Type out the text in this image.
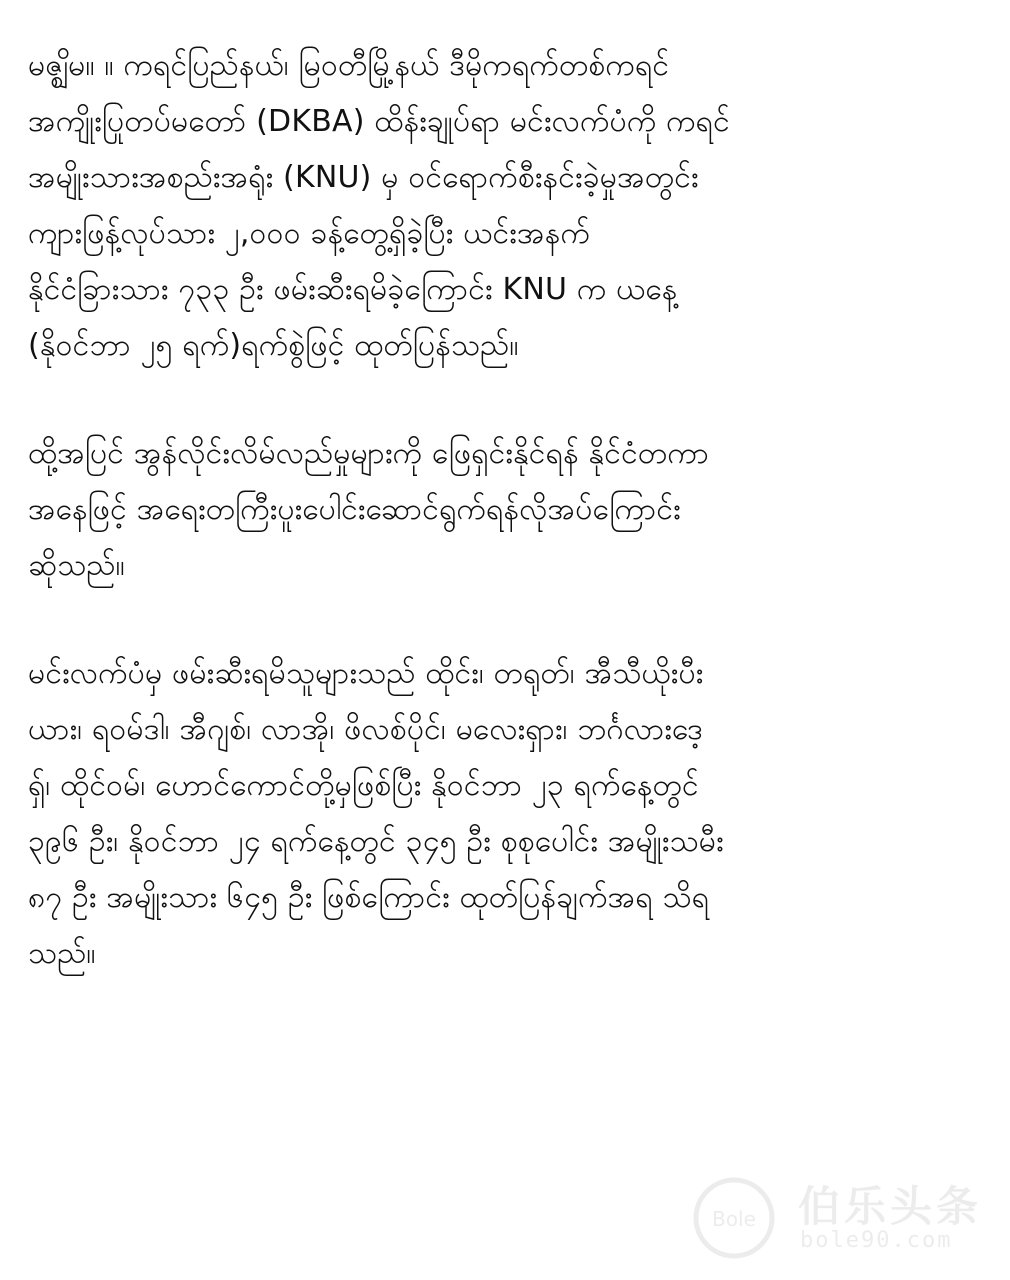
မဇ္ဈိမ။ ။ ကရင်ပြည်နယ်၊ မြဝတီမြို့နယ် ဒီမိုကရက်တစ်ကရင်
အကျိုးပြုတပ်မတော် (DKBA) ထိန်းချုပ်ရာ မင်းလက်ပံကို ကရင်
အမျိုးသားအစည်းအရုံး (KNU) မှ ဝင်ရောက်စီးနင်းခဲ့မှုအတွင်း
ကျားဖြန့်လုပ်သား ၂,၀၀၀ ခန့်တွေ့ရှိခဲ့ပြီး ယင်းအနက်
နိုင်ငံခြားသား ၇၃၃ ဦး ဖမ်းဆီးရမိခဲ့ကြောင်း KNU က ယနေ့
(နိုဝင်ဘာ ၂၅ ရက်)ရက်စွဲဖြင့် ထုတ်ပြန်သည်။
ထို့အပြင် အွန်လိုင်းလိမ်လည်မှုများကို ဖြေရှင်းနိုင်ရန် နိုင်ငံတကာ
အနေဖြင့် အရေးတကြီးပူးပေါင်းဆောင်ရွက်ရန်လိုအပ်ကြောင်း
ဆိုသည်။
မင်းလက်ပံမှ ဖမ်းဆီးရမိသူများသည် ထိုင်း၊ တရုတ်၊ အီသီယိုးပီး
ယား၊ ရဝမ်ဒါ၊ အီဂျစ်၊ လာအို၊ ဖိလစ်ပိုင်၊ မလေးရှား၊ ဘင်္ဂလားဒေ့
ရှ်၊ ထိုင်ဝမ်၊ ဟောင်ကောင်တို့မှဖြစ်ပြီး နိုဝင်ဘာ ၂၃ ရက်နေ့တွင်
၃၉၆ ဦး၊ နိုဝင်ဘာ ၂၄ ရက်နေ့တွင် ၃၄၅ ဦး စုစုပေါင်း အမျိုးသမီး
၈၇ ဦး အမျိုးသား ၆၄၅ ဦး ဖြစ်ကြောင်း ထုတ်ပြန်ချက်အရ သိရ
သည်။
Bole 伯乐头条
bole90.com
